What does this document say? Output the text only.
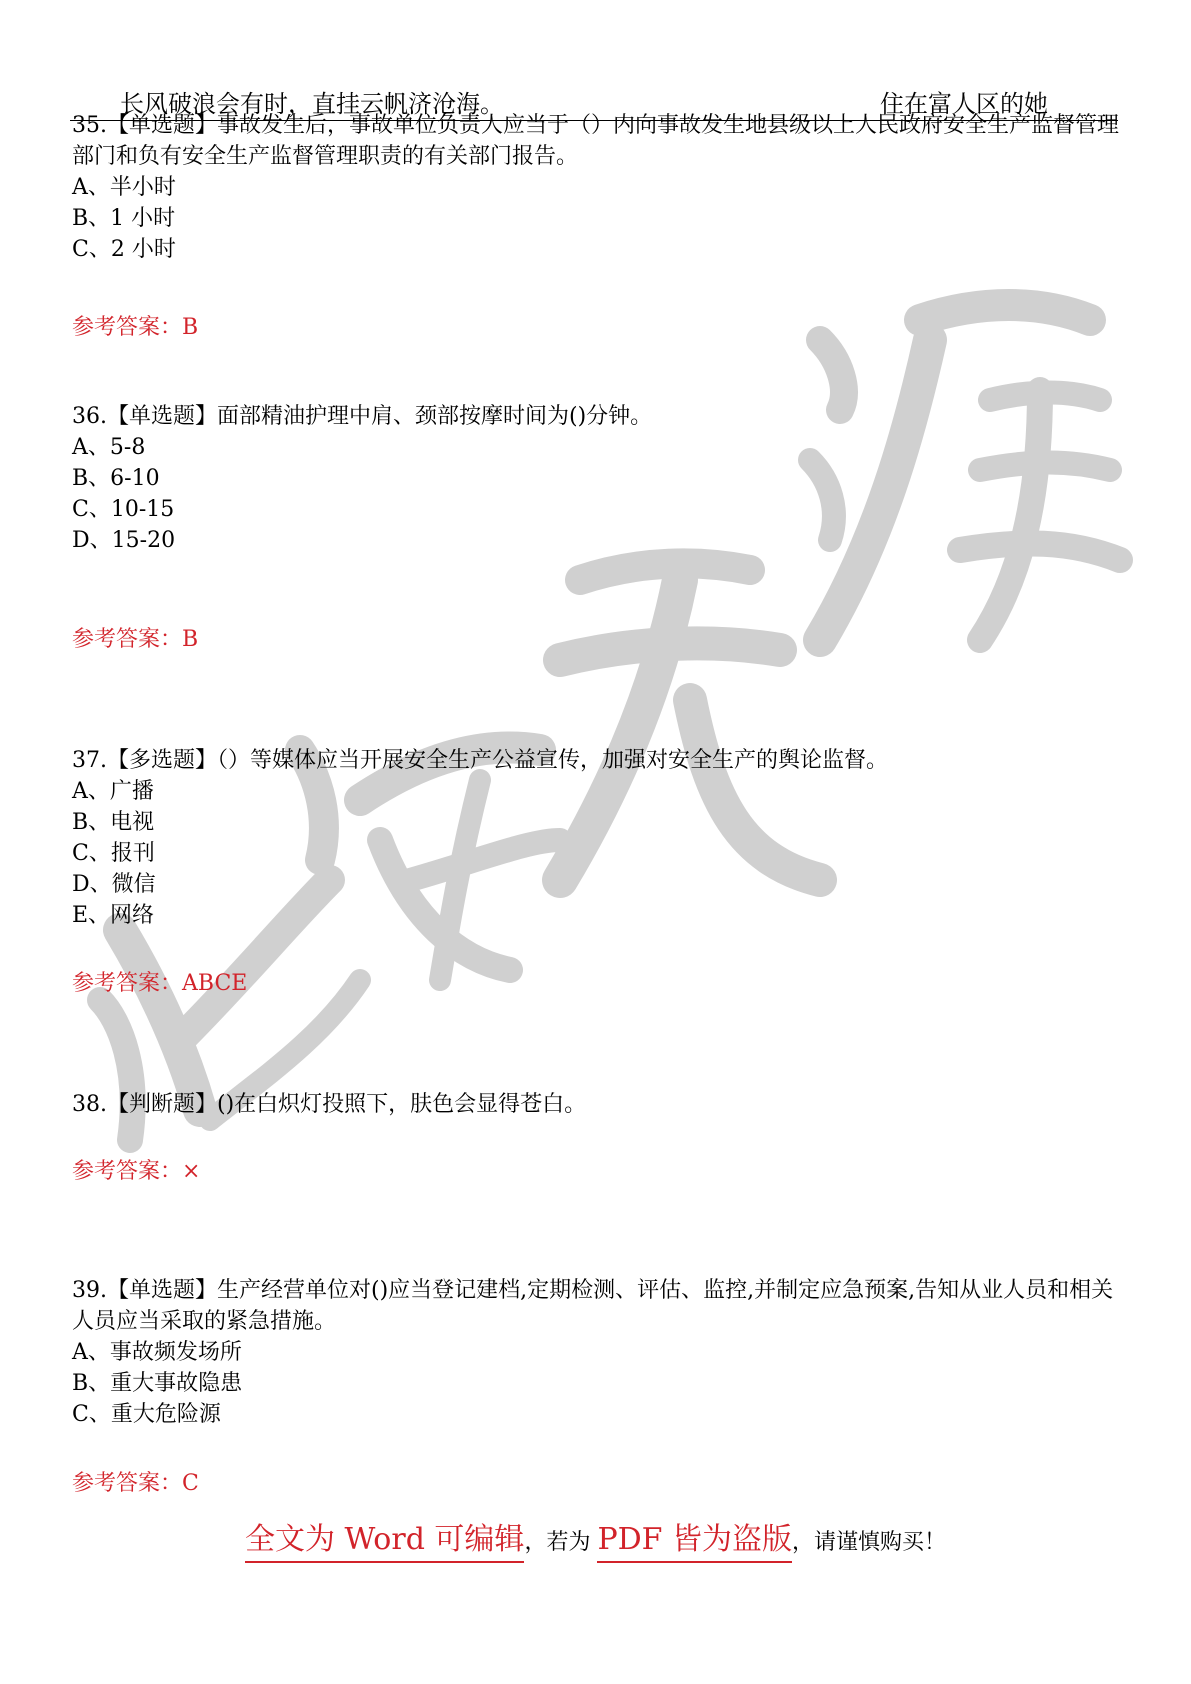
长风破浪会有时，直挂云帆济沧海。	住在富人区的她

35.【单选题】事故发生后，事故单位负责人应当于（）内向事故发生地县级以上人民政府安全生产监督管理部门和负有安全生产监督管理职责的有关部门报告。

A、半小时

B、1 小时

C、2 小时

参考答案：B

36.【单选题】面部精油护理中肩、颈部按摩时间为()分钟。

A、5-8

B、6-10

C、10-15

D、15-20

参考答案：B

37.【多选题】（）等媒体应当开展安全生产公益宣传，加强对安全生产的舆论监督。

A、广播

B、电视

C、报刊

D、微信

E、网络

参考答案：ABCE

38.【判断题】()在白炽灯投照下，肤色会显得苍白。

参考答案：×

39.【单选题】生产经营单位对()应当登记建档,定期检测、评估、监控,并制定应急预案,告知从业人员和相关人员应当采取的紧急措施。

A、事故频发场所

B、重大事故隐患

C、重大危险源

参考答案：C
全文为 Word 可编辑，若为 PDF 皆为盗版，请谨慎购买！
